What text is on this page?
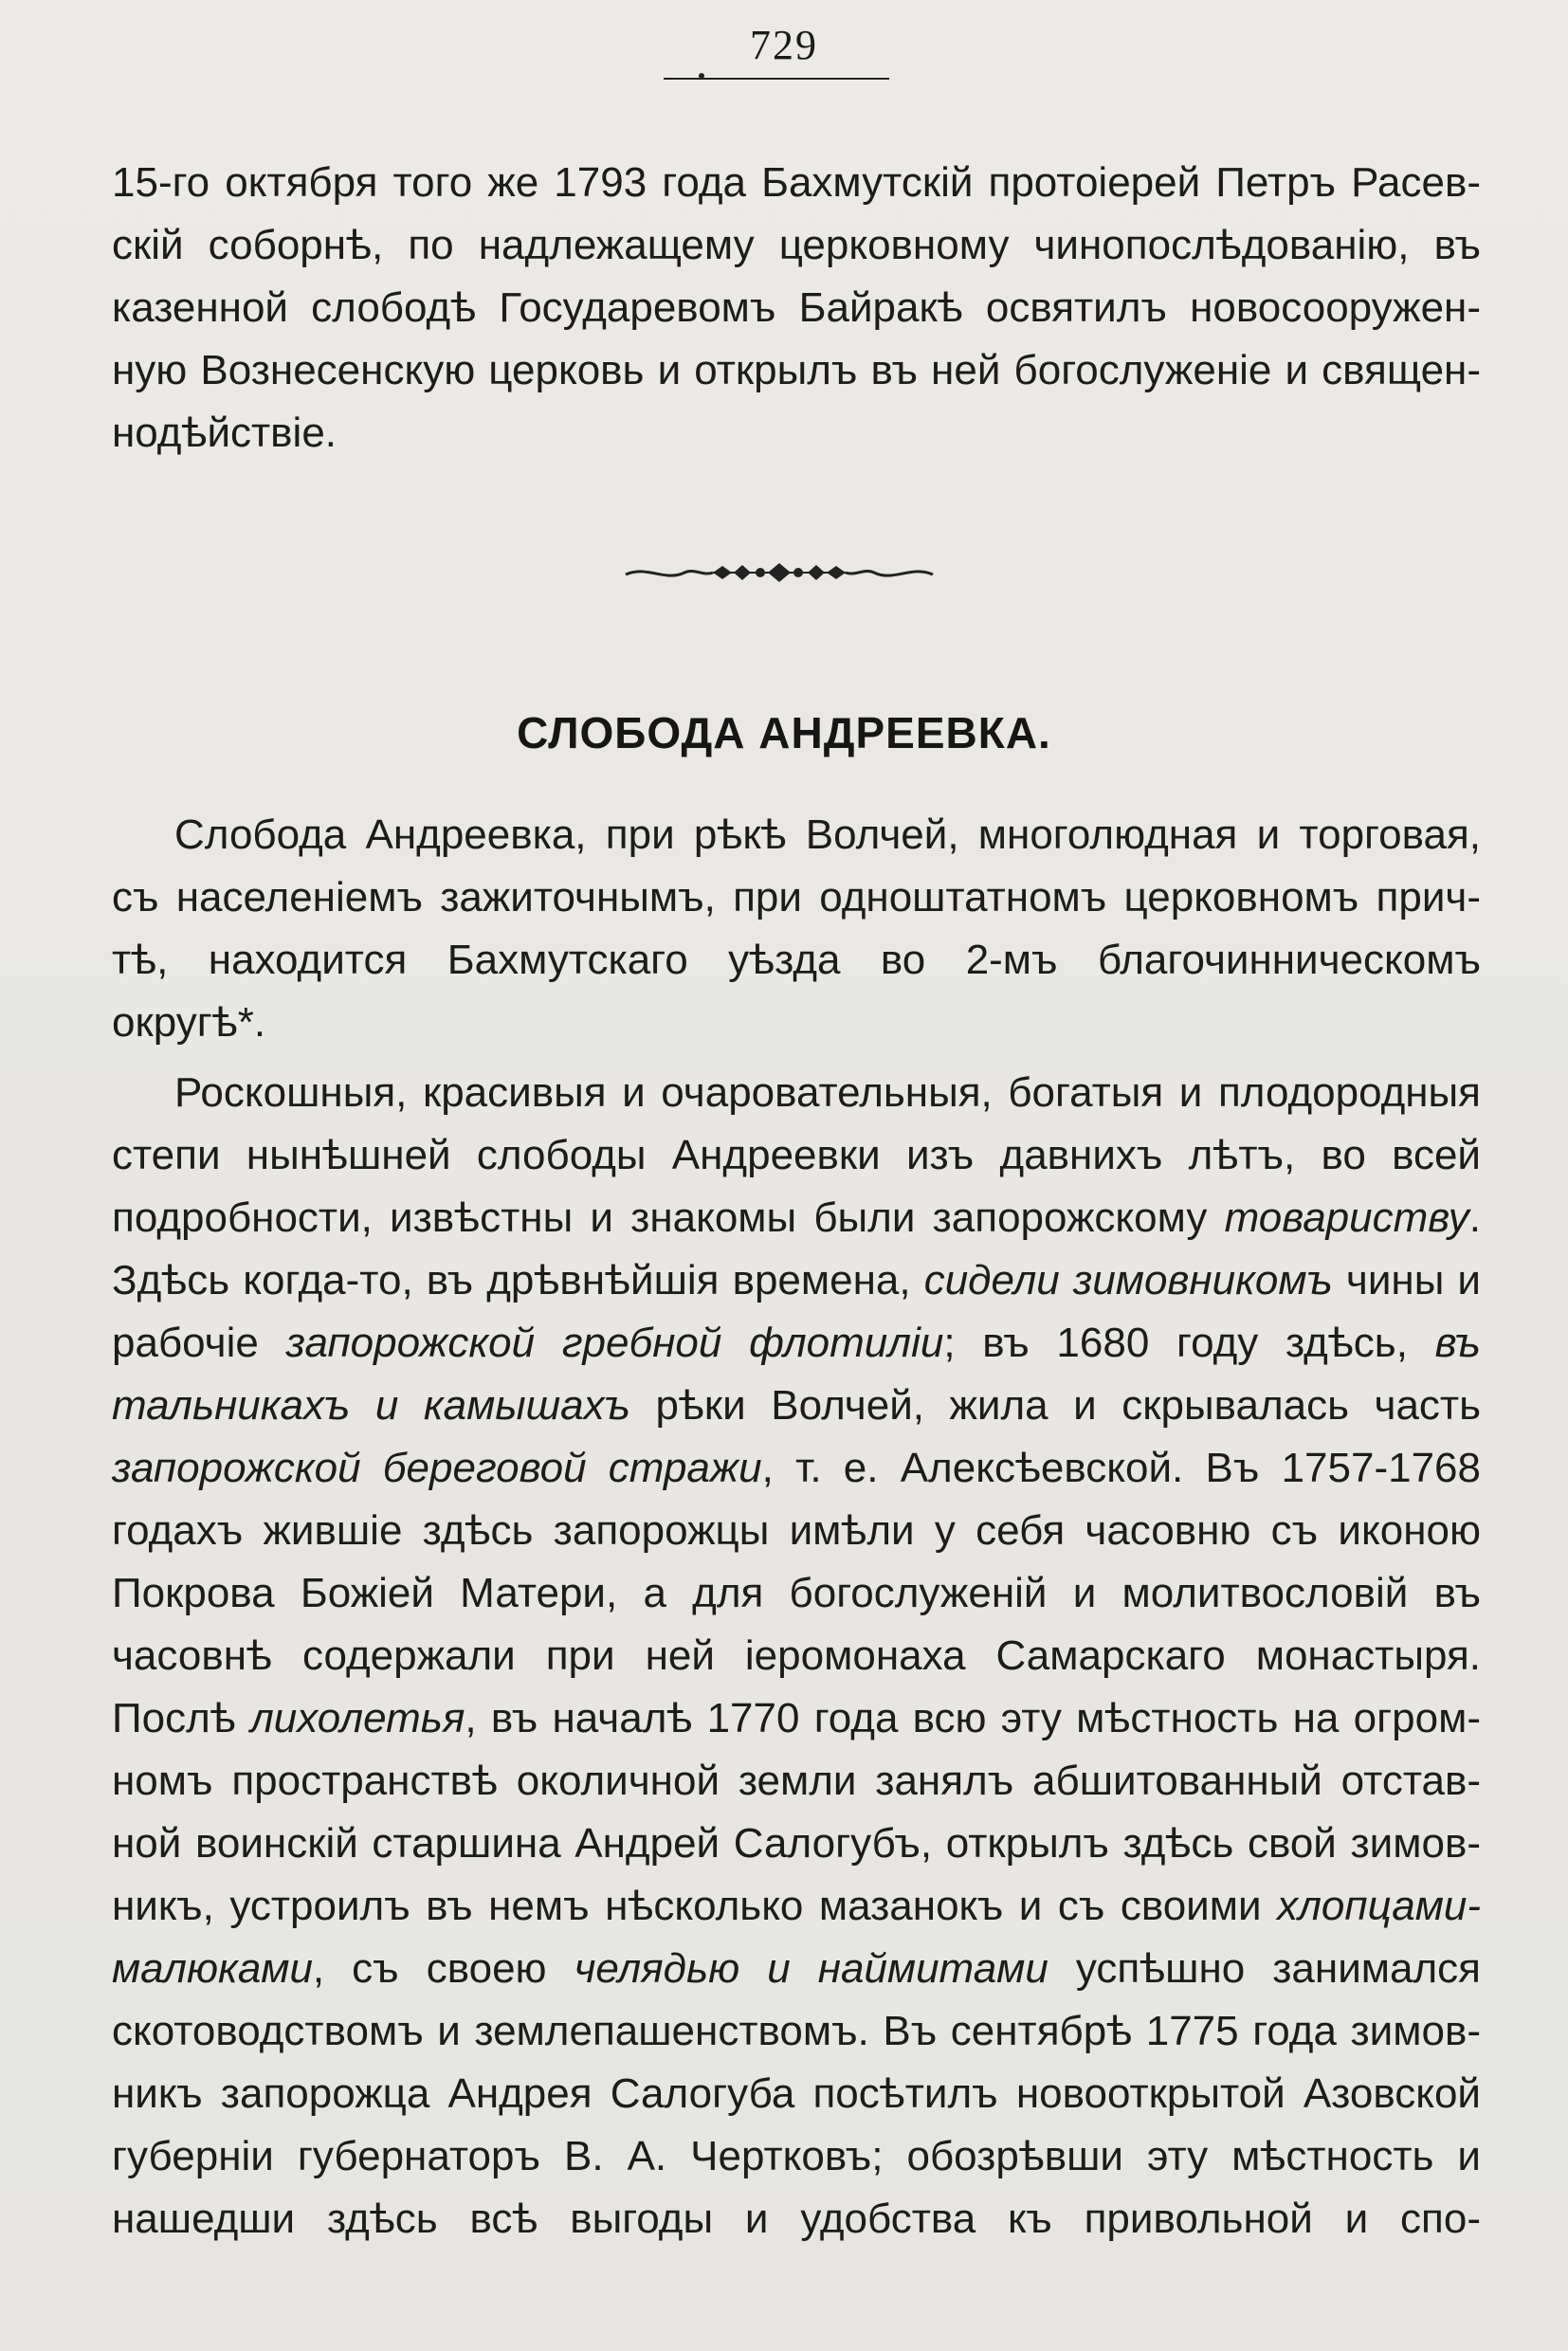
729
15-го октября того же 1793 года Бахмутскій протоіерей Петръ Расев-
скій соборнѣ, по надлежащему церковному чинопослѣдованію, въ
казенной слободѣ Государевомъ Байракѣ освятилъ новосооружен-
ную Вознесенскую церковь и открылъ въ ней богослуженіе и священ-
нодѣйствіе.
СЛОБОДА АНДРЕЕВКА.
Слобода Андреевка, при рѣкѣ Волчей, многолюдная и торговая,
съ населеніемъ зажиточнымъ, при одноштатномъ церковномъ прич-
тѣ, находится Бахмутскаго уѣзда во 2-мъ благочинническомъ
округѣ*.
Роскошныя, красивыя и очаровательныя, богатыя и плодородныя
степи нынѣшней слободы Андреевки изъ давнихъ лѣтъ, во всей
подробности, извѣстны и знакомы были запорожскому товариству.
Здѣсь когда-то, въ дрѣвнѣйшія времена, сидели зимовникомъ чины и
рабочіе запорожской гребной флотиліи; въ 1680 году здѣсь, въ
тальникахъ и камышахъ рѣки Волчей, жила и скрывалась часть
запорожской береговой стражи, т. е. Алексѣевской. Въ 1757-1768
годахъ жившіе здѣсь запорожцы имѣли у себя часовню съ иконою
Покрова Божіей Матери, а для богослуженій и молитвословій въ
часовнѣ содержали при ней іеромонаха Самарскаго монастыря.
Послѣ лихолетья, въ началѣ 1770 года всю эту мѣстность на огром-
номъ пространствѣ околичной земли занялъ абшитованный отстав-
ной воинскій старшина Андрей Салогубъ, открылъ здѣсь свой зимов-
никъ, устроилъ въ немъ нѣсколько мазанокъ и съ своими хлопцами-
малюками, съ своею челядью и наймитами успѣшно занимался
скотоводствомъ и землепашенствомъ. Въ сентябрѣ 1775 года зимов-
никъ запорожца Андрея Салогуба посѣтилъ новооткрытой Азовской
губерніи губернаторъ В. А. Чертковъ; обозрѣвши эту мѣстность и
нашедши здѣсь всѣ выгоды и удобства къ привольной и спо-
